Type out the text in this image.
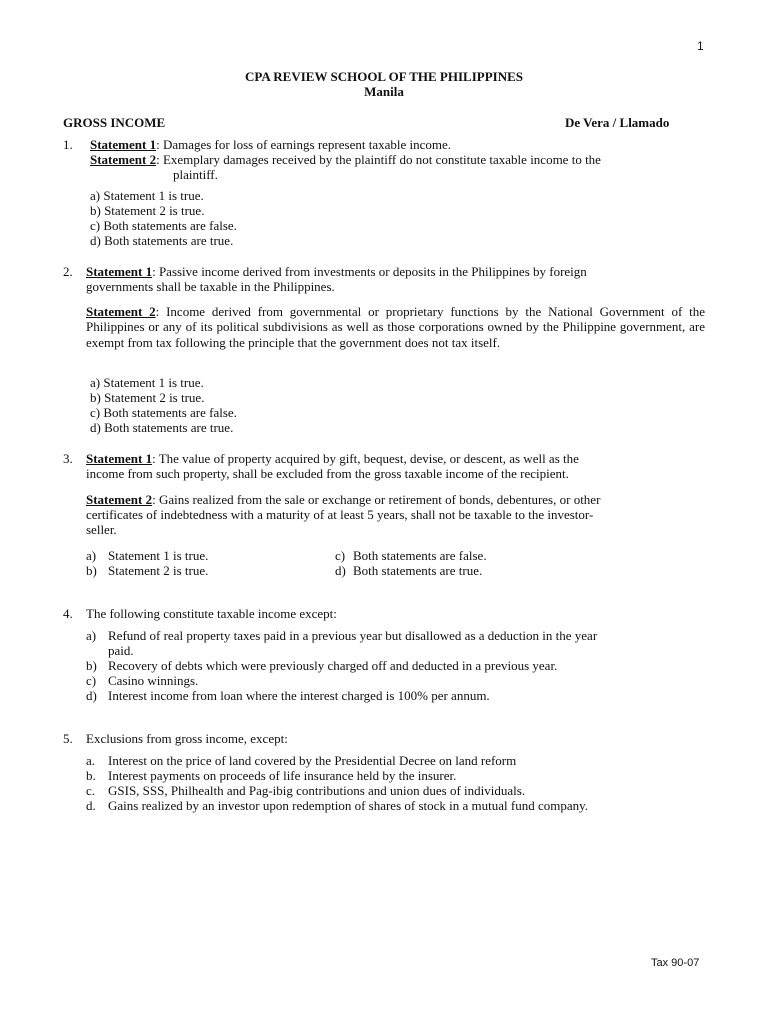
1
CPA REVIEW SCHOOL OF THE PHILIPPINES
Manila
GROSS INCOME	De Vera / Llamado
1. Statement 1: Damages for loss of earnings represent taxable income.
Statement 2: Exemplary damages received by the plaintiff do not constitute taxable income to the
plaintiff.
a) Statement 1 is true.
b) Statement 2 is true.
c) Both statements are false.
d) Both statements are true.
2. Statement 1: Passive income derived from investments or deposits in the Philippines by foreign
governments shall be taxable in the Philippines.

Statement 2: Income derived from governmental or proprietary functions by the National Government of the Philippines or any of its political subdivisions as well as those corporations owned by the Philippine government, are exempt from tax following the principle that the government does not tax itself.

a) Statement 1 is true.
b) Statement 2 is true.
c) Both statements are false.
d) Both statements are true.
3. Statement 1: The value of property acquired by gift, bequest, devise, or descent, as well as the
income from such property, shall be excluded from the gross taxable income of the recipient.
Statement 2: Gains realized from the sale or exchange or retirement of bonds, debentures, or other
certificates of indebtedness with a maturity of at least 5 years, shall not be taxable to the investor-
seller.
a) Statement 1 is true.
b) Statement 2 is true.
c) Both statements are false.
d) Both statements are true.
4. The following constitute taxable income except:
a) Refund of real property taxes paid in a previous year but disallowed as a deduction in the year
paid.
b) Recovery of debts which were previously charged off and deducted in a previous year.
c) Casino winnings.
d) Interest income from loan where the interest charged is 100% per annum.
5. Exclusions from gross income, except:
a. Interest on the price of land covered by the Presidential Decree on land reform
b. Interest payments on proceeds of life insurance held by the insurer.
c. GSIS, SSS, Philhealth and Pag-ibig contributions and union dues of individuals.
d. Gains realized by an investor upon redemption of shares of stock in a mutual fund company.
Tax 90-07
